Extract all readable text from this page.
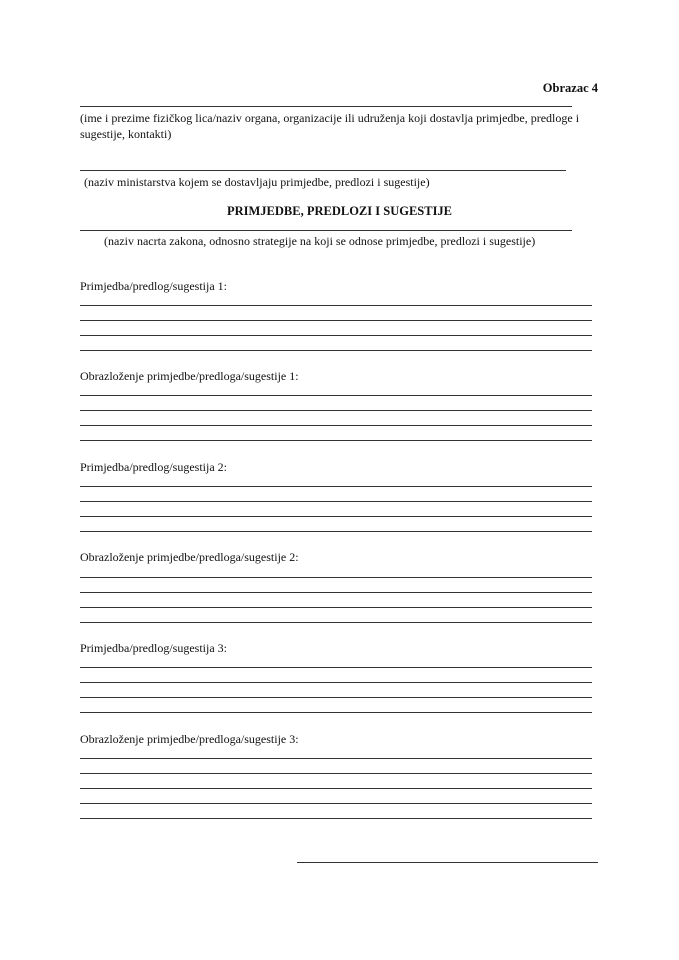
Obrazac 4
(ime i prezime fizičkog lica/naziv organa, organizacije ili udruženja koji dostavlja primjedbe, predloge i sugestije, kontakti)
(naziv ministarstva kojem se dostavljaju primjedbe, predlozi i sugestije)
PRIMJEDBE, PREDLOZI I SUGESTIJE
(naziv nacrta zakona, odnosno strategije na koji se odnose primjedbe, predlozi i sugestije)
Primjedba/predlog/sugestija 1:
Obrazloženje primjedbe/predloga/sugestije 1:
Primjedba/predlog/sugestija 2:
Obrazloženje primjedbe/predloga/sugestije 2:
Primjedba/predlog/sugestija 3:
Obrazloženje primjedbe/predloga/sugestije 3:
